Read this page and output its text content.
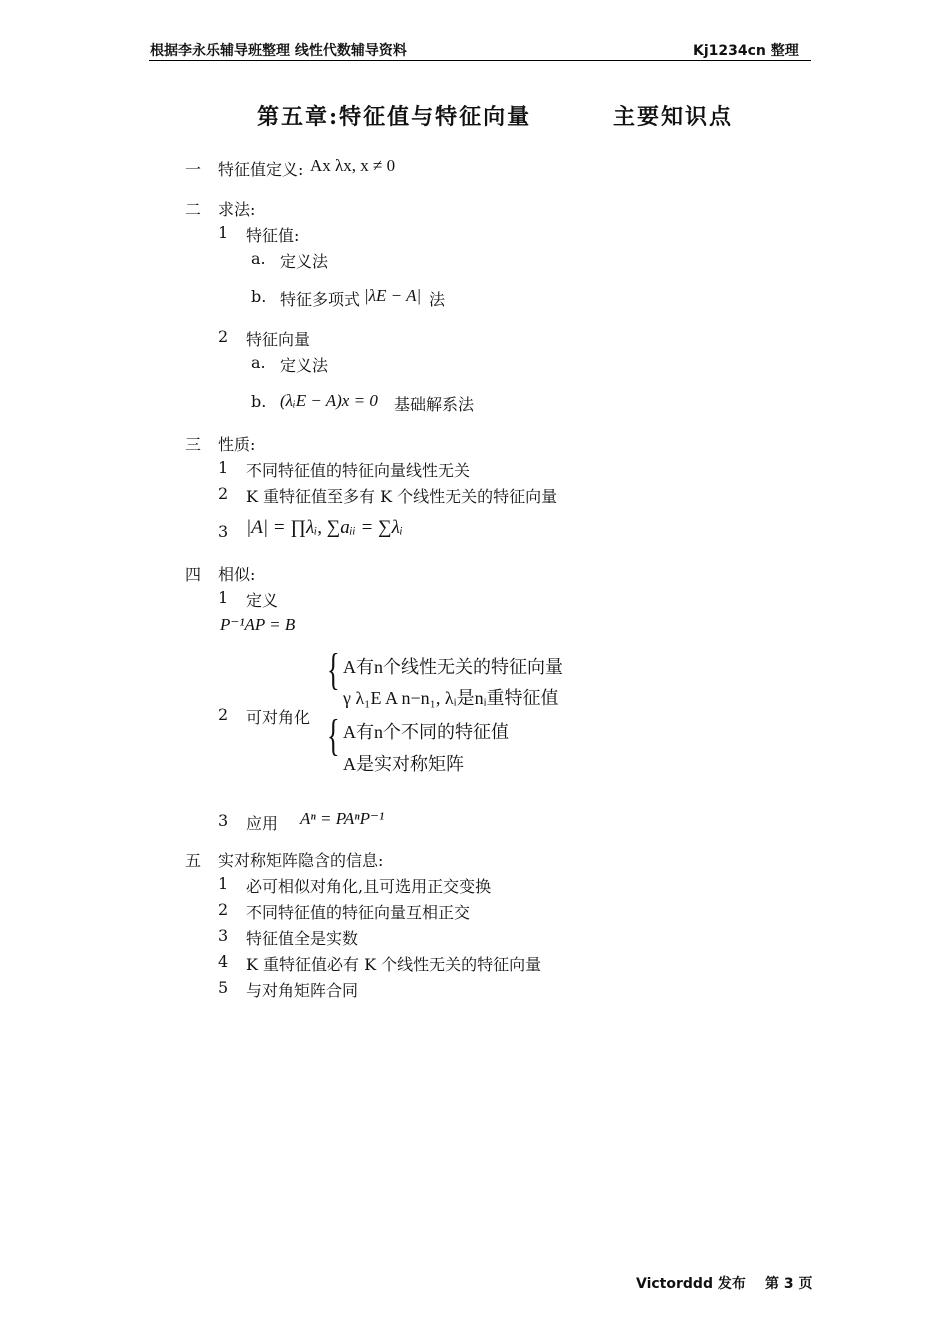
根据李永乐辅导班整理 线性代数辅导资料	Kj1234cn 整理
第五章:特征值与特征向量	主要知识点
一 特征值定义: Ax λx, x ≠ 0
二 求法:
1 特征值:
a. 定义法
b. 特征多项式 |λE − A| 法
2 特征向量
a. 定义法
b. (λᵢE − A)x = 0 基础解系法
三 性质:
1 不同特征值的特征向量线性无关
2 K 重特征值至多有 K 个线性无关的特征向量
3 |A| = ∏λᵢ, ∑aᵢᵢ = ∑λᵢ
四 相似:
1 定义
P⁻¹AP = B
2 可对角化
{ A有n个线性无关的特征向量
γ λ₁E A n−n₁, λᵢ是nᵢ重特征值
{ A有n个不同的特征值
A是实对称矩阵
3 应用 Aⁿ = PAⁿP⁻¹
五 实对称矩阵隐含的信息:
1 必可相似对角化,且可选用正交变换
2 不同特征值的特征向量互相正交
3 特征值全是实数
4 K 重特征值必有 K 个线性无关的特征向量
5 与对角矩阵合同
Victorddd 发布 第 3 页
